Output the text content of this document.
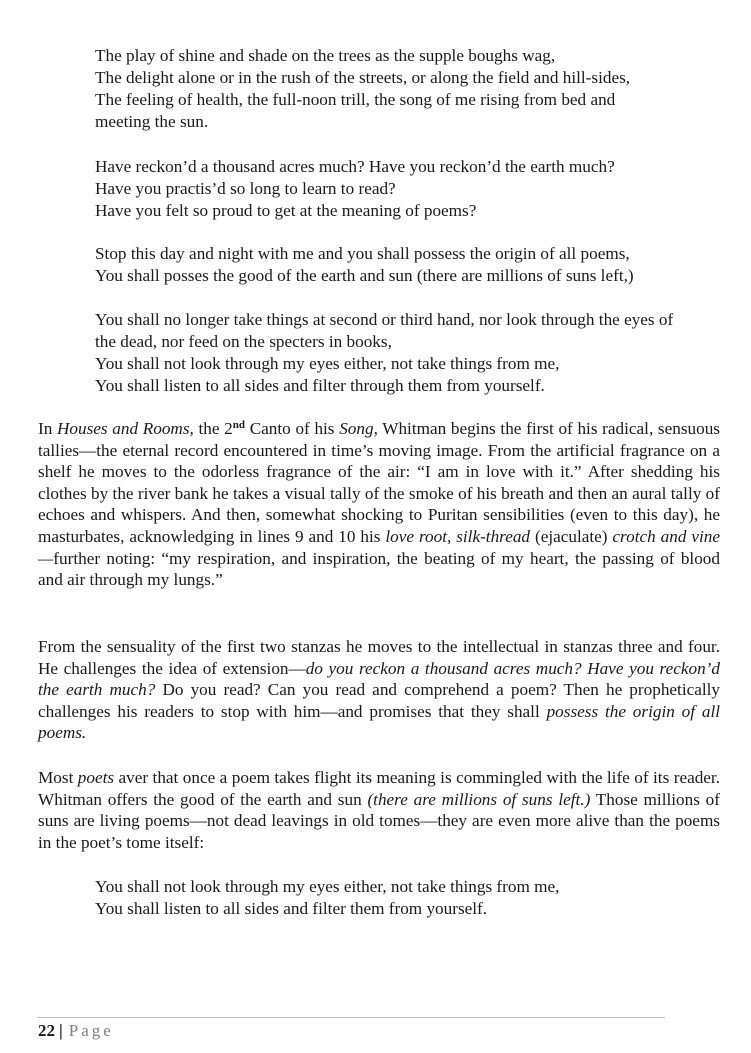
The play of shine and shade on the trees as the supple boughs wag,
The delight alone or in the rush of the streets, or along the field and hill-sides,
The feeling of health, the full-noon trill, the song of me rising from bed and
meeting the sun.
Have reckon’d a thousand acres much? Have you reckon’d the earth much?
Have you practis’d so long to learn to read?
Have you felt so proud to get at the meaning of poems?
Stop this day and night with me and you shall possess the origin of all poems,
You shall posses the good of the earth and sun (there are millions of suns left,)
You shall no longer take things at second or third hand, nor look through the eyes of
the dead, nor feed on the specters in books,
You shall not look through my eyes either, not take things from me,
You shall listen to all sides and filter through them from yourself.

In Houses and Rooms, the 2nd Canto of his Song, Whitman begins the first of his radical, sensuous tallies—the eternal record encountered in time’s moving image. From the artificial fragrance on a shelf he moves to the odorless fragrance of the air: “I am in love with it.” After shedding his clothes by the river bank he takes a visual tally of the smoke of his breath and then an aural tally of echoes and whispers. And then, somewhat shocking to Puritan sensibilities (even to this day), he masturbates, acknowledging in lines 9 and 10 his love root, silk-thread (ejaculate) crotch and vine—further noting: “my respiration, and inspiration, the beating of my heart, the passing of blood and air through my lungs.”

From the sensuality of the first two stanzas he moves to the intellectual in stanzas three and four. He challenges the idea of extension—do you reckon a thousand acres much? Have you reckon’d the earth much? Do you read? Can you read and comprehend a poem? Then he prophetically challenges his readers to stop with him—and promises that they shall possess the origin of all poems.

Most poets aver that once a poem takes flight its meaning is commingled with the life of its reader. Whitman offers the good of the earth and sun (there are millions of suns left.) Those millions of suns are living poems—not dead leavings in old tomes—they are even more alive than the poems in the poet’s tome itself:

You shall not look through my eyes either, not take things from me,
You shall listen to all sides and filter them from yourself.
22 | Page
